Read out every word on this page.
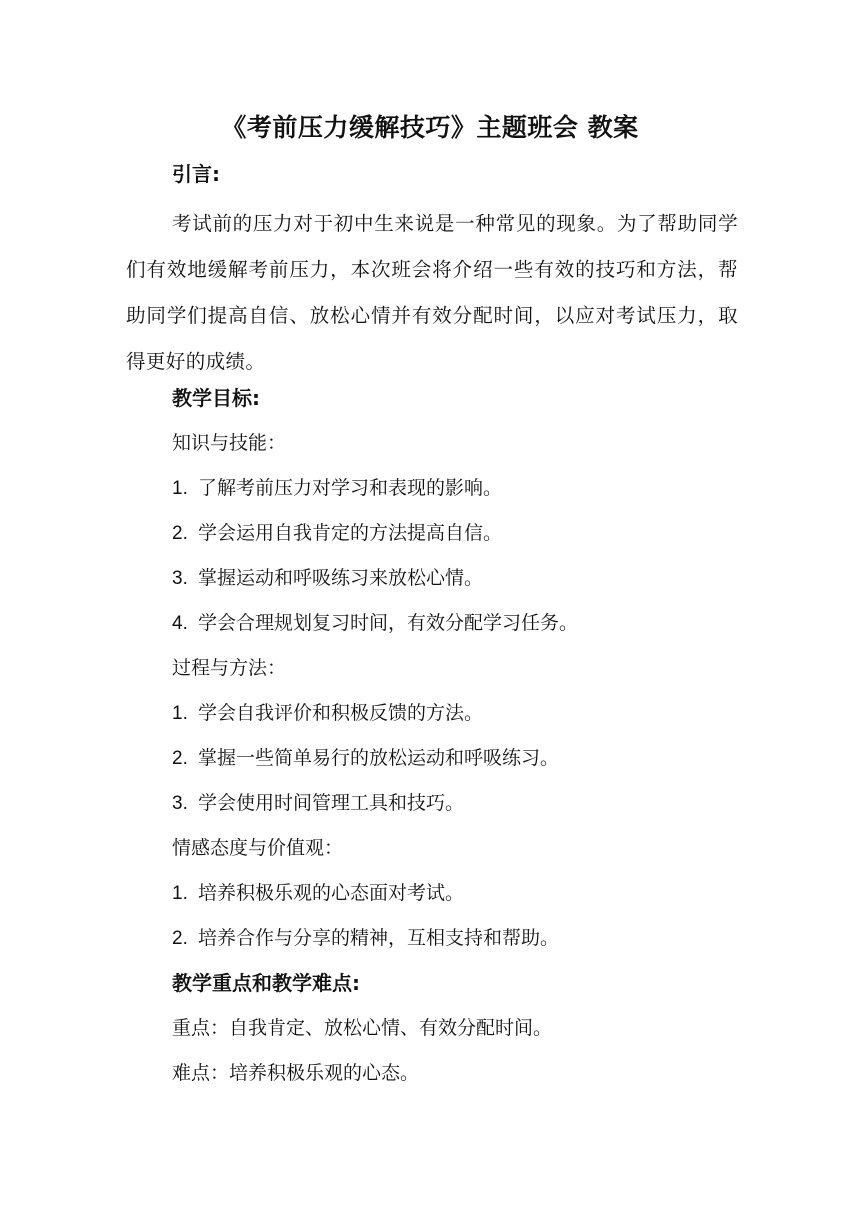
《考前压力缓解技巧》主题班会 教案
引言:
考试前的压力对于初中生来说是一种常见的现象。为了帮助同学们有效地缓解考前压力，本次班会将介绍一些有效的技巧和方法，帮助同学们提高自信、放松心情并有效分配时间，以应对考试压力，取得更好的成绩。
教学目标:
知识与技能：
1. 了解考前压力对学习和表现的影响。
2. 学会运用自我肯定的方法提高自信。
3. 掌握运动和呼吸练习来放松心情。
4. 学会合理规划复习时间，有效分配学习任务。
过程与方法：
1. 学会自我评价和积极反馈的方法。
2. 掌握一些简单易行的放松运动和呼吸练习。
3. 学会使用时间管理工具和技巧。
情感态度与价值观：
1. 培养积极乐观的心态面对考试。
2. 培养合作与分享的精神，互相支持和帮助。
教学重点和教学难点:
重点：自我肯定、放松心情、有效分配时间。
难点：培养积极乐观的心态。
